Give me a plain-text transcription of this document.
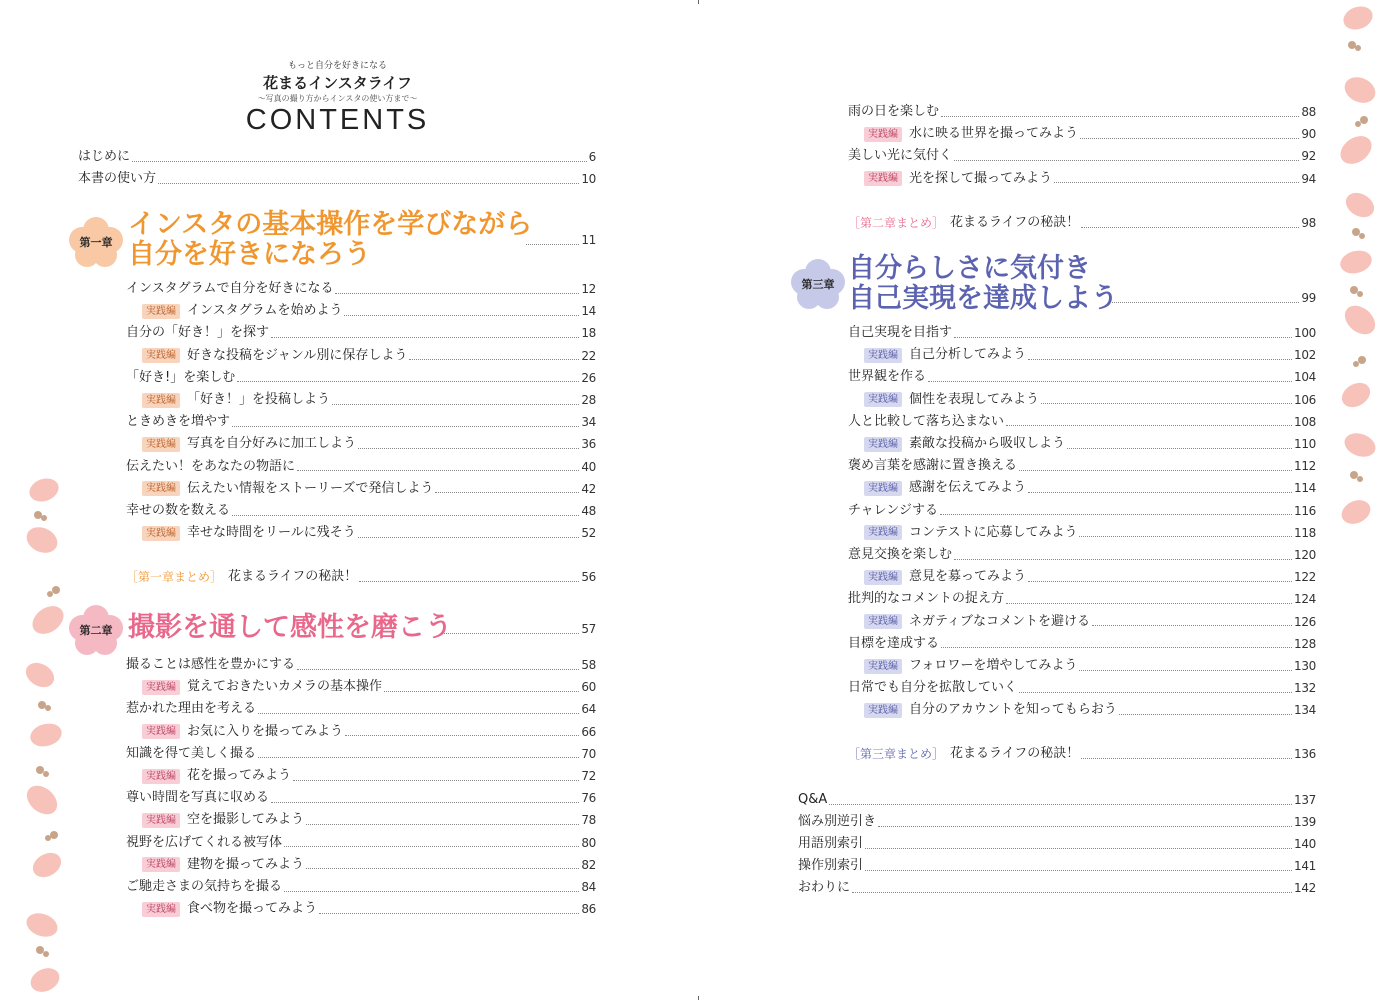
もっと自分を好きになる
花まるインスタライフ
〜写真の撮り方からインスタの使い方まで〜
CONTENTS
はじめに	6
本書の使い方	10
第一章
インスタの基本操作を学びながら
自分を好きになろう	11
インスタグラムで自分を好きになる	12
実践編 インスタグラムを始めよう	14
自分の「好き！」を探す	18
実践編 好きな投稿をジャンル別に保存しよう	22
「好き!」を楽しむ	26
実践編 「好き！」を投稿しよう	28
ときめきを増やす	34
実践編 写真を自分好みに加工しよう	36
伝えたい！をあなたの物語に	40
実践編 伝えたい情報をストーリーズで発信しよう	42
幸せの数を数える	48
実践編 幸せな時間をリールに残そう	52
［第一章まとめ］ 花まるライフの秘訣！	56
第二章 撮影を通して感性を磨こう	57
撮ることは感性を豊かにする	58
実践編 覚えておきたいカメラの基本操作	60
惹かれた理由を考える	64
実践編 お気に入りを撮ってみよう	66
知識を得て美しく撮る	70
実践編 花を撮ってみよう	72
尊い時間を写真に収める	76
実践編 空を撮影してみよう	78
視野を広げてくれる被写体	80
実践編 建物を撮ってみよう	82
ご馳走さまの気持ちを撮る	84
実践編 食べ物を撮ってみよう	86
雨の日を楽しむ	88
実践編 水に映る世界を撮ってみよう	90
美しい光に気付く	92
実践編 光を探して撮ってみよう	94
［第二章まとめ］ 花まるライフの秘訣！	98
第三章
自分らしさに気付き
自己実現を達成しよう	99
自己実現を目指す	100
実践編 自己分析してみよう	102
世界観を作る	104
実践編 個性を表現してみよう	106
人と比較して落ち込まない	108
実践編 素敵な投稿から吸収しよう	110
褒め言葉を感謝に置き換える	112
実践編 感謝を伝えてみよう	114
チャレンジする	116
実践編 コンテストに応募してみよう	118
意見交換を楽しむ	120
実践編 意見を募ってみよう	122
批判的なコメントの捉え方	124
実践編 ネガティブなコメントを避ける	126
目標を達成する	128
実践編 フォロワーを増やしてみよう	130
日常でも自分を拡散していく	132
実践編 自分のアカウントを知ってもらおう	134
［第三章まとめ］ 花まるライフの秘訣！	136
Q&A	137
悩み別逆引き	139
用語別索引	140
操作別索引	141
おわりに	142
